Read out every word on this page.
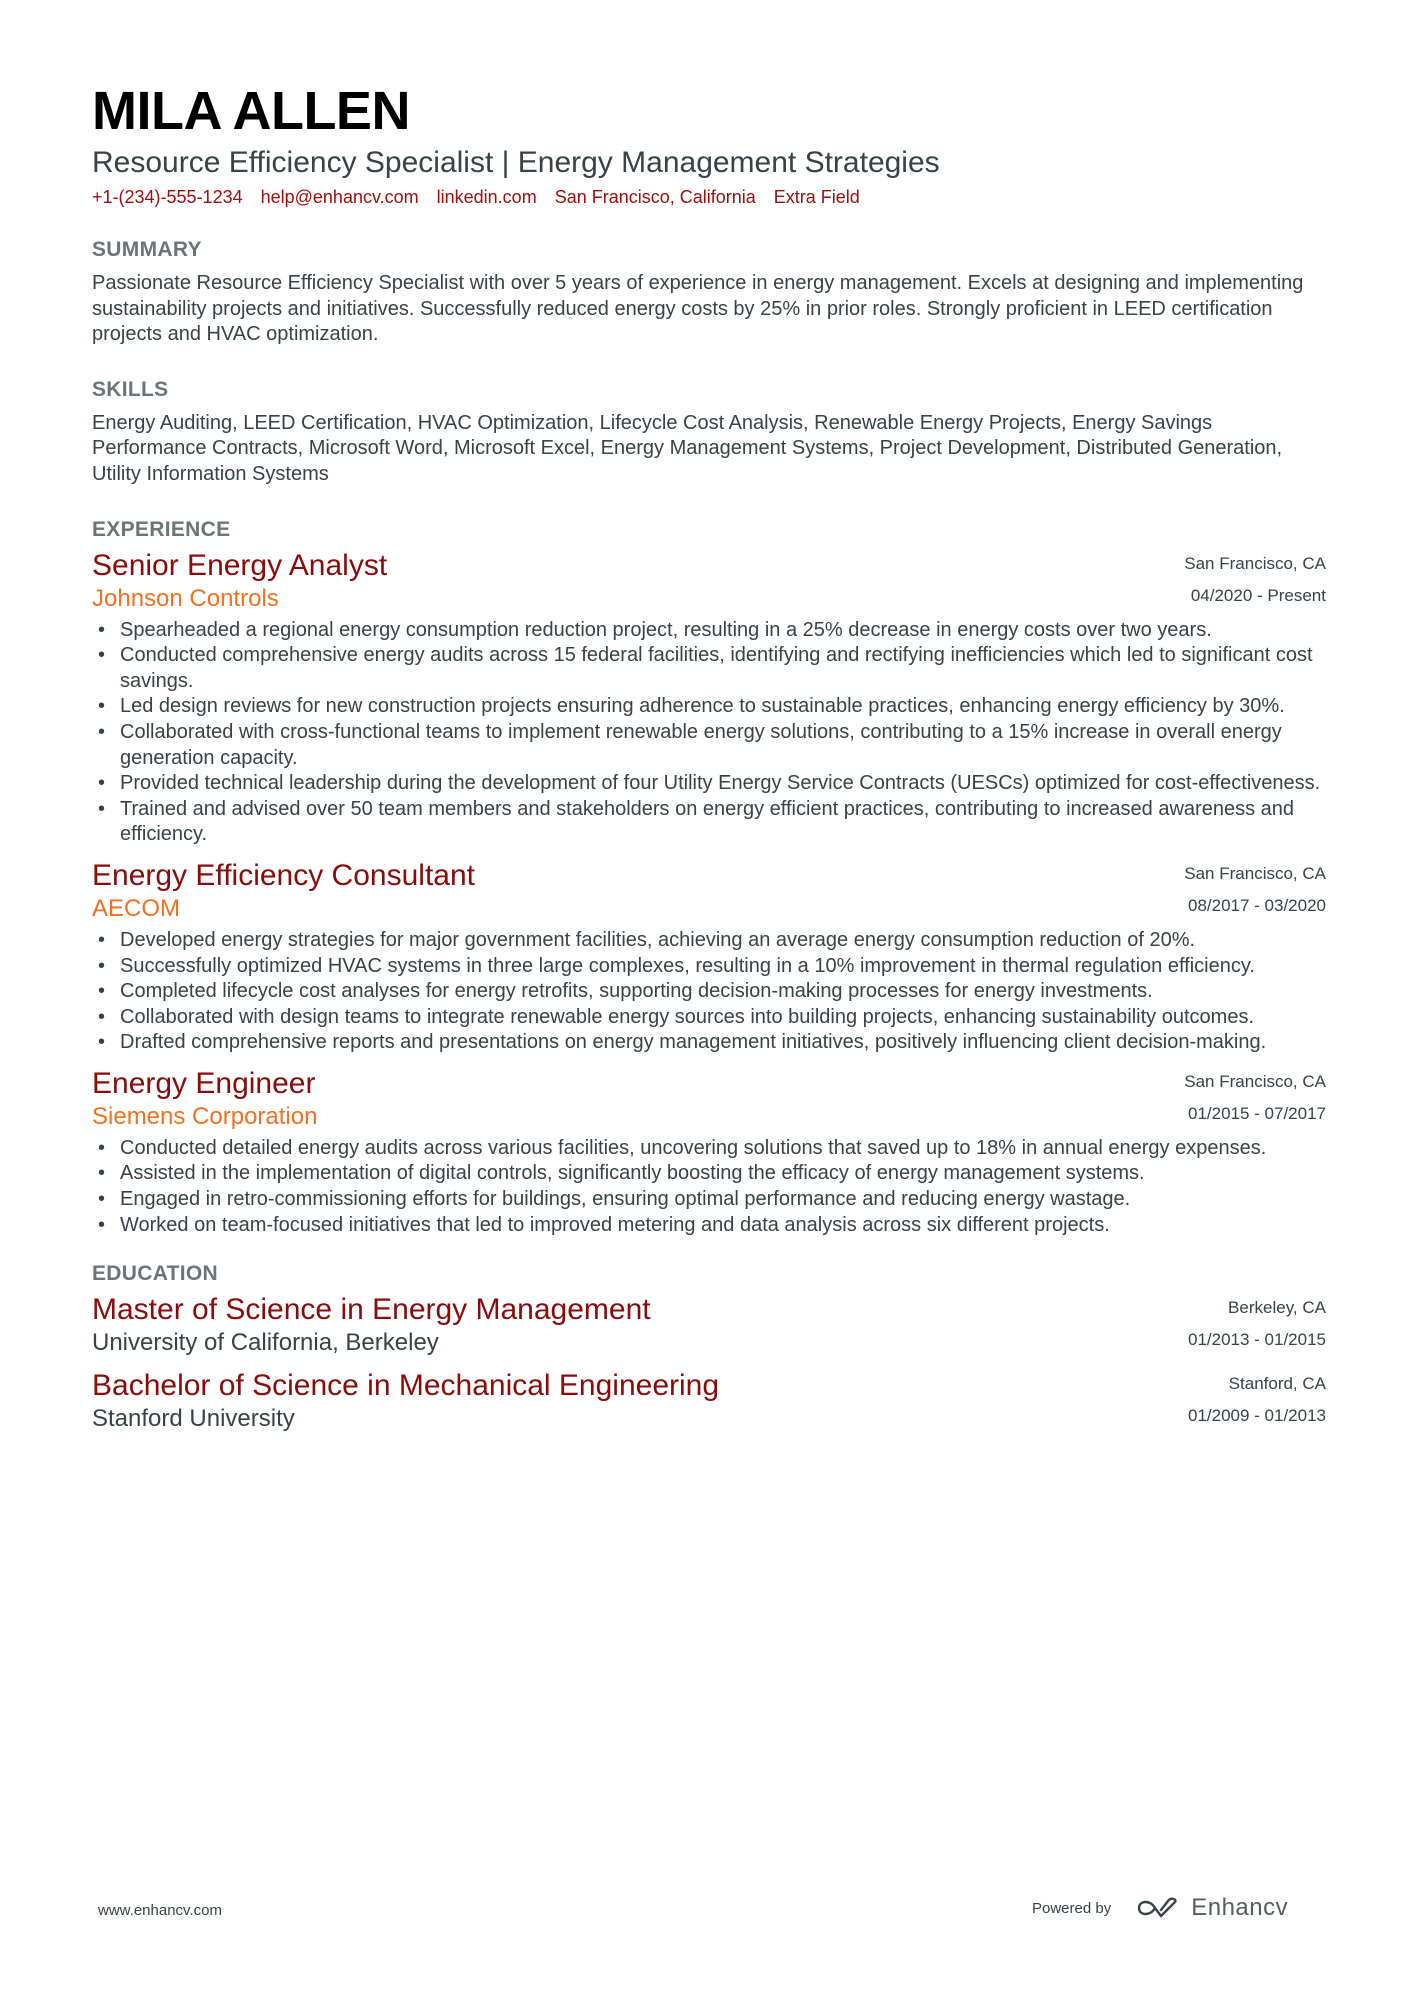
MILA ALLEN
Resource Efficiency Specialist | Energy Management Strategies
+1-(234)-555-1234 help@enhancv.com linkedin.com San Francisco, California Extra Field
SUMMARY
Passionate Resource Efficiency Specialist with over 5 years of experience in energy management. Excels at designing and implementing sustainability projects and initiatives. Successfully reduced energy costs by 25% in prior roles. Strongly proficient in LEED certification projects and HVAC optimization.
SKILLS
Energy Auditing, LEED Certification, HVAC Optimization, Lifecycle Cost Analysis, Renewable Energy Projects, Energy Savings Performance Contracts, Microsoft Word, Microsoft Excel, Energy Management Systems, Project Development, Distributed Generation, Utility Information Systems
EXPERIENCE
Senior Energy Analyst
Johnson Controls
San Francisco, CA
04/2020 - Present
• Spearheaded a regional energy consumption reduction project, resulting in a 25% decrease in energy costs over two years.
• Conducted comprehensive energy audits across 15 federal facilities, identifying and rectifying inefficiencies which led to significant cost savings.
• Led design reviews for new construction projects ensuring adherence to sustainable practices, enhancing energy efficiency by 30%.
• Collaborated with cross-functional teams to implement renewable energy solutions, contributing to a 15% increase in overall energy generation capacity.
• Provided technical leadership during the development of four Utility Energy Service Contracts (UESCs) optimized for cost-effectiveness.
• Trained and advised over 50 team members and stakeholders on energy efficient practices, contributing to increased awareness and efficiency.
Energy Efficiency Consultant
AECOM
San Francisco, CA
08/2017 - 03/2020
• Developed energy strategies for major government facilities, achieving an average energy consumption reduction of 20%.
• Successfully optimized HVAC systems in three large complexes, resulting in a 10% improvement in thermal regulation efficiency.
• Completed lifecycle cost analyses for energy retrofits, supporting decision-making processes for energy investments.
• Collaborated with design teams to integrate renewable energy sources into building projects, enhancing sustainability outcomes.
• Drafted comprehensive reports and presentations on energy management initiatives, positively influencing client decision-making.
Energy Engineer
Siemens Corporation
San Francisco, CA
01/2015 - 07/2017
• Conducted detailed energy audits across various facilities, uncovering solutions that saved up to 18% in annual energy expenses.
• Assisted in the implementation of digital controls, significantly boosting the efficacy of energy management systems.
• Engaged in retro-commissioning efforts for buildings, ensuring optimal performance and reducing energy wastage.
• Worked on team-focused initiatives that led to improved metering and data analysis across six different projects.
EDUCATION
Master of Science in Energy Management
University of California, Berkeley
Berkeley, CA
01/2013 - 01/2015
Bachelor of Science in Mechanical Engineering
Stanford University
Stanford, CA
01/2009 - 01/2013
www.enhancv.com	Powered by	Enhancv
